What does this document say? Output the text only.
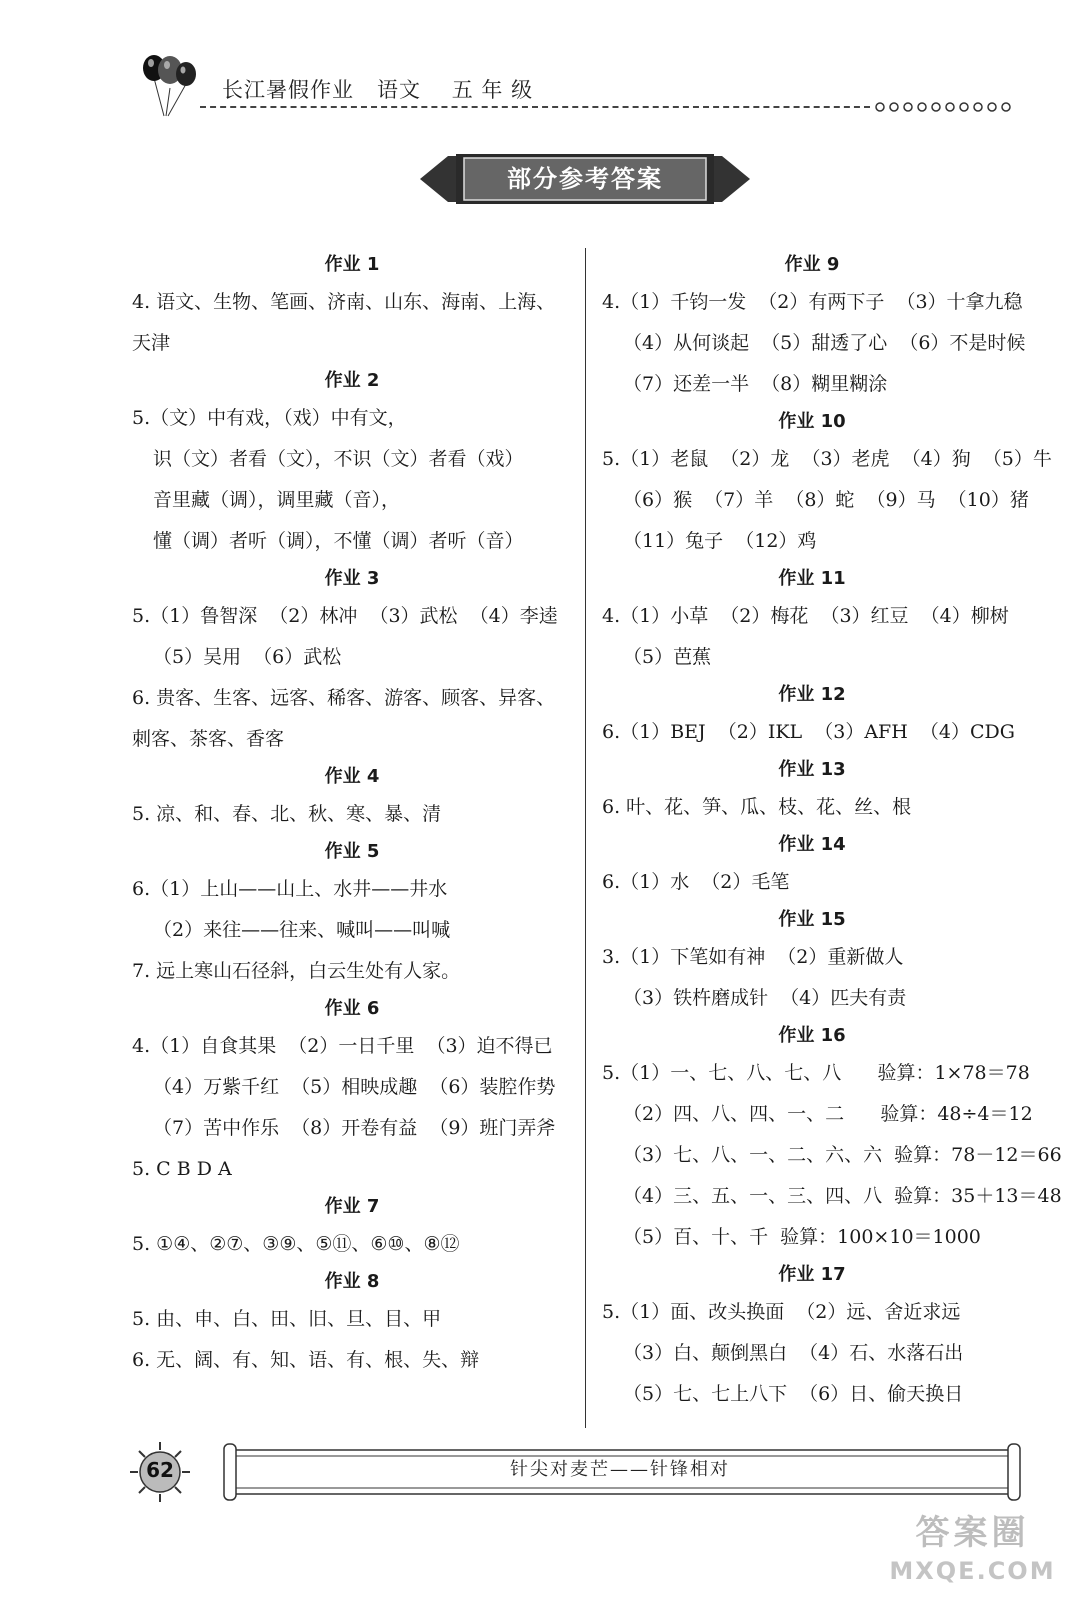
长江暑假作业   语文    五 年 级
部分参考答案
作业 1
4. 语文、生物、笔画、济南、山东、海南、上海、
天津
作业 2
5.（文）中有戏，（戏）中有文，
识（文）者看（文），不识（文）者看（戏）
音里藏（调），调里藏（音），
懂（调）者听（调），不懂（调）者听（音）
作业 3
5.（1）鲁智深  （2）林冲  （3）武松  （4）李逵
（5）吴用  （6）武松
6. 贵客、生客、远客、稀客、游客、顾客、异客、
刺客、茶客、香客
作业 4
5. 凉、和、春、北、秋、寒、暴、清
作业 5
6.（1）上山——山上、水井——井水
（2）来往——往来、喊叫——叫喊
7. 远上寒山石径斜，白云生处有人家。
作业 6
4.（1）自食其果  （2）一日千里  （3）迫不得已
（4）万紫千红  （5）相映成趣  （6）装腔作势
（7）苦中作乐  （8）开卷有益  （9）班门弄斧
5. C B D A
作业 7
5. ①④、②⑦、③⑨、⑤⑪、⑥⑩、⑧⑫
作业 8
5. 由、申、白、田、旧、旦、目、甲
6. 无、阔、有、知、语、有、根、失、辩
作业 9
4.（1）千钧一发  （2）有两下子  （3）十拿九稳
（4）从何谈起  （5）甜透了心  （6）不是时候
（7）还差一半  （8）糊里糊涂
作业 10
5.（1）老鼠  （2）龙  （3）老虎  （4）狗  （5）牛
（6）猴  （7）羊  （8）蛇  （9）马  （10）猪
（11）兔子  （12）鸡
作业 11
4.（1）小草  （2）梅花  （3）红豆  （4）柳树
（5）芭蕉
作业 12
6.（1）BEJ  （2）IKL  （3）AFH  （4）CDG
作业 13
6. 叶、花、笋、瓜、枝、花、丝、根
作业 14
6.（1）水  （2）毛笔
作业 15
3.（1）下笔如有神  （2）重新做人
（3）铁杵磨成针  （4）匹夫有责
作业 16
5.（1）一、七、八、七、八      验算：1×78＝78
（2）四、八、四、一、二      验算：48÷4＝12
（3）七、八、一、二、六、六  验算：78－12＝66
（4）三、五、一、三、四、八  验算：35＋13＝48
（5）百、十、千  验算：100×10＝1000
作业 17
5.（1）面、改头换面  （2）远、舍近求远
（3）白、颠倒黑白  （4）石、水落石出
（5）七、七上八下  （6）日、偷天换日
62	针尖对麦芒——针锋相对
答案圈
MXQE.COM
